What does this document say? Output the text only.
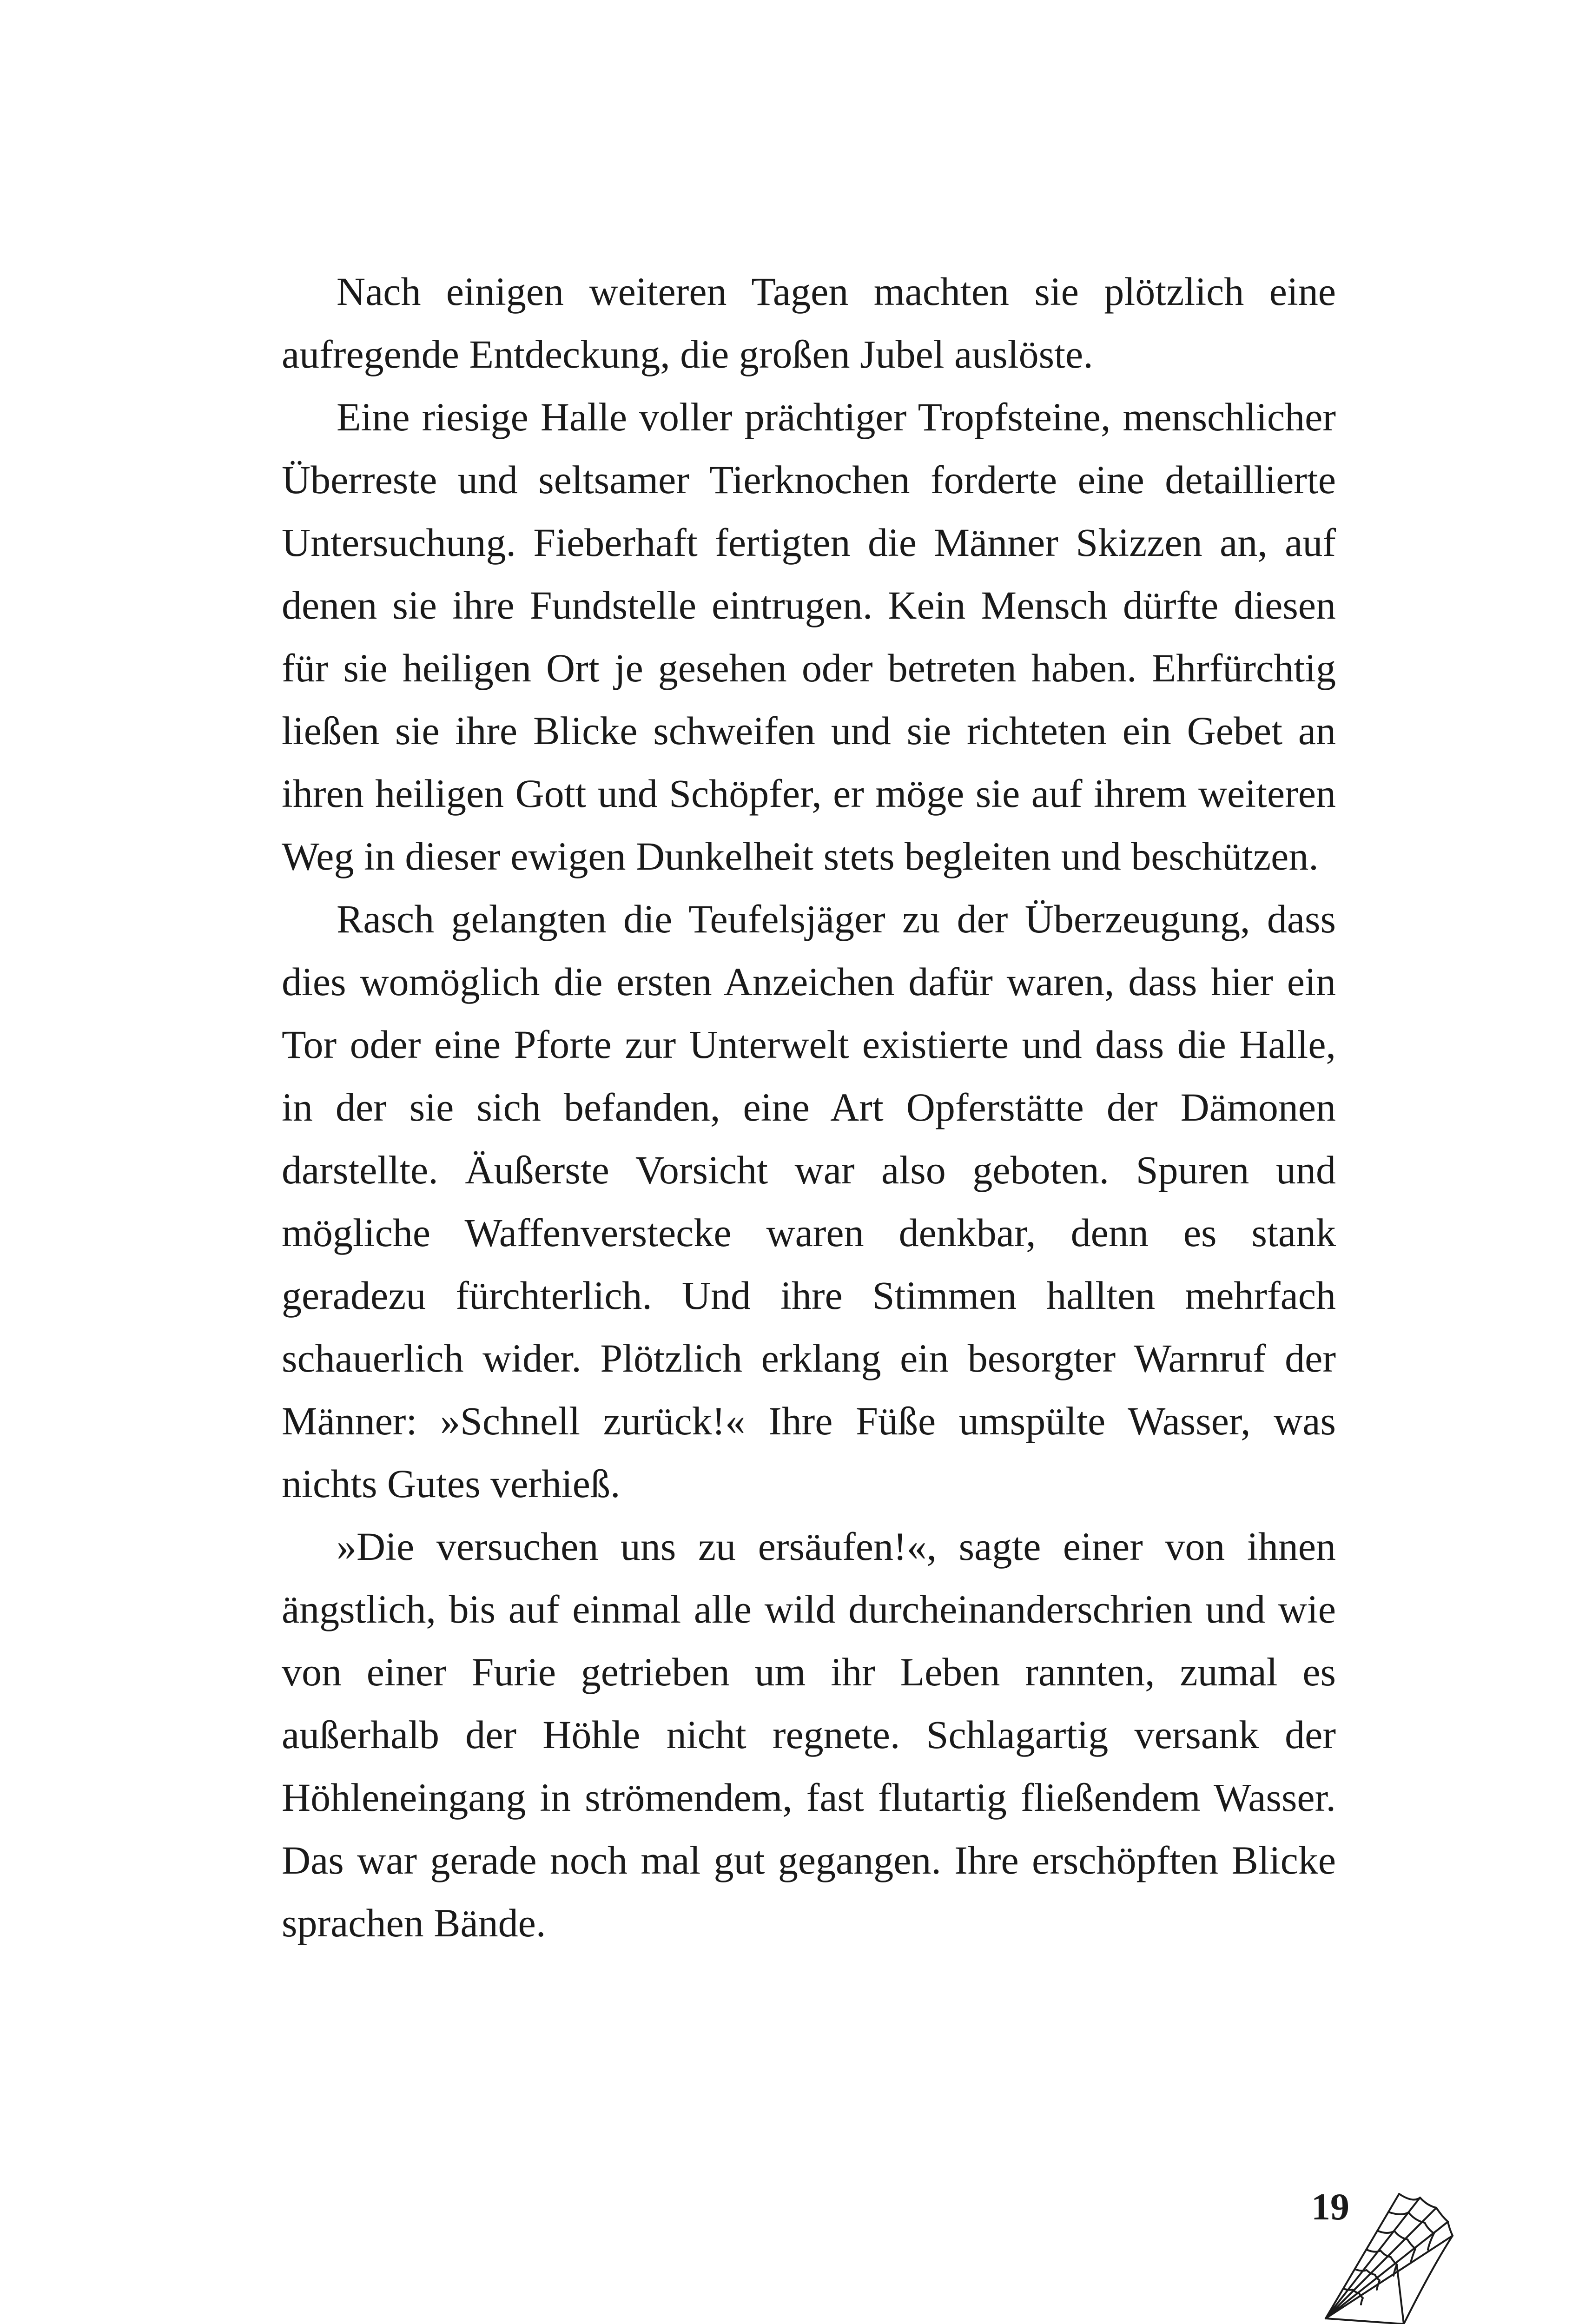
Nach einigen weiteren Tagen machten sie plötzlich eine aufregende Entdeckung, die großen Jubel auslöste.

Eine riesige Halle voller prächtiger Tropfsteine, menschlicher Überreste und seltsamer Tierknochen forderte eine detaillierte Untersuchung. Fieberhaft fertigten die Männer Skizzen an, auf denen sie ihre Fundstelle eintrugen. Kein Mensch dürfte diesen für sie heiligen Ort je gesehen oder betreten haben. Ehrfürchtig ließen sie ihre Blicke schweifen und sie richteten ein Gebet an ihren heiligen Gott und Schöpfer, er möge sie auf ihrem weiteren Weg in dieser ewigen Dunkelheit stets begleiten und beschützen.

Rasch gelangten die Teufelsjäger zu der Überzeugung, dass dies womöglich die ersten Anzeichen dafür waren, dass hier ein Tor oder eine Pforte zur Unterwelt existierte und dass die Halle, in der sie sich befanden, eine Art Opferstätte der Dämonen darstellte. Äußerste Vorsicht war also geboten. Spuren und mögliche Waffenverstecke waren denkbar, denn es stank geradezu fürchterlich. Und ihre Stimmen hallten mehrfach schauerlich wider. Plötzlich erklang ein besorgter Warnruf der Männer: »Schnell zurück!« Ihre Füße umspülte Wasser, was nichts Gutes verhieß.

»Die versuchen uns zu ersäufen!«, sagte einer von ihnen ängstlich, bis auf einmal alle wild durcheinanderschrien und wie von einer Furie getrieben um ihr Leben rannten, zumal es außerhalb der Höhle nicht regnete. Schlagartig versank der Höhleneingang in strömendem, fast flutartig fließendem Wasser. Das war gerade noch mal gut gegangen. Ihre erschöpften Blicke sprachen Bände.

19
